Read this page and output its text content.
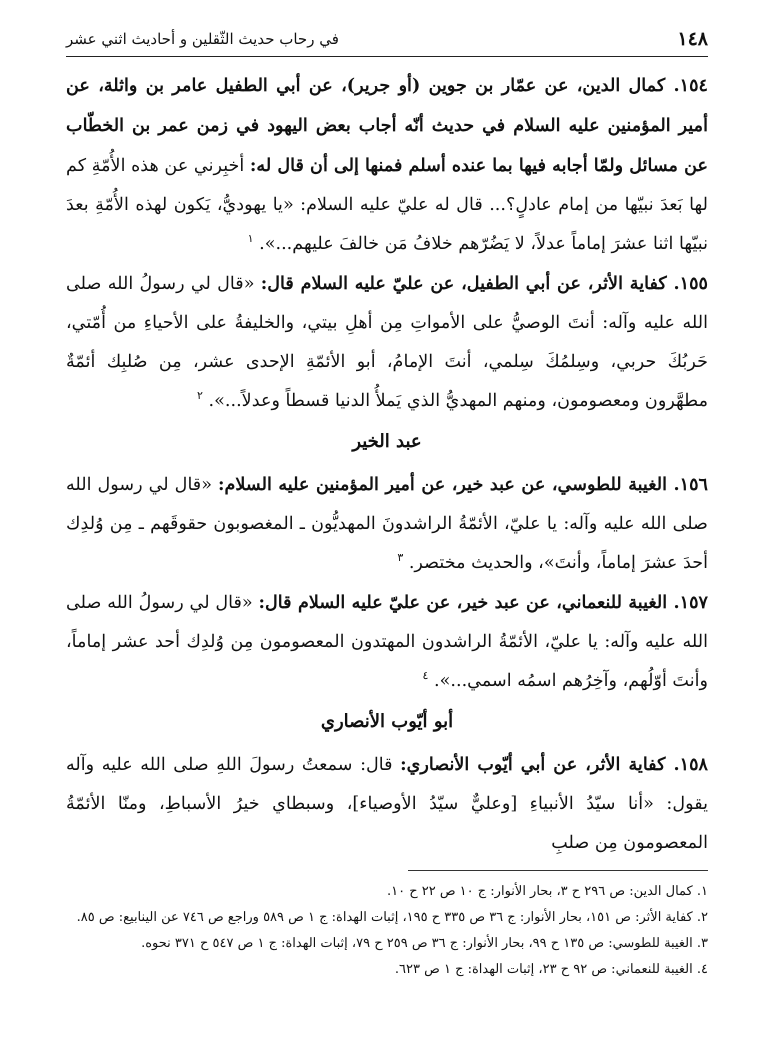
١٤٨
في رحاب حديث الثّقلين و أحاديث اثني عشر

١٥٤. كمال الدين، عن عمّار بن جوين (أو جرير)، عن أبي الطفيل عامر بن واثلة، عن أمير المؤمنين عليه السلام في حديث أنّه أجاب بعض اليهود في زمن عمر بن الخطّاب عن مسائل ولمّا أجابه فيها بما عنده أسلم فمنها إلى أن قال له: أخبِرني عن هذه الأُمّةِ كم لها بَعدَ نبيّها من إمام عادلٍ؟... قال له عليّ عليه السلام: «يا يهوديُّ، يَكون لهذه الأُمّةِ بعدَ نبيّها اثنا عشرَ إماماً عدلاً، لا يَضُرّهم خلافُ مَن خالفَ عليهم...». $^١$

١٥٥. كفاية الأثر، عن أبي الطفيل، عن عليّ عليه السلام قال: «قال لي رسولُ الله صلى الله عليه وآله: أنتَ الوصيُّ على الأمواتِ مِن أهلِ بيتي، والخليفةُ على الأحياءِ من أُمّتي، حَربُكَ حربي، وسِلمُكَ سِلمي، أنتَ الإمامُ، أبو الأئمّةِ الإحدى عشر، مِن صُلبِك أئمّةٌ مطهَّرون ومعصومون، ومنهم المهديُّ الذي يَملأُ الدنيا قسطاً وعدلاً...». $^٢$

عبد الخير

١٥٦. الغيبة للطوسي، عن عبد خير، عن أمير المؤمنين عليه السلام: «قال لي رسول الله صلى الله عليه وآله: يا عليّ، الأئمّةُ الراشدونَ المهديُّون ـ المغصوبون حقوقَهم ـ مِن وُلدِك أحدَ عشرَ إماماً، وأنتَ»، والحديث مختصر. $^٣$

١٥٧. الغيبة للنعماني، عن عبد خير، عن عليّ عليه السلام قال: «قال لي رسولُ الله صلى الله عليه وآله: يا عليّ، الأئمّةُ الراشدون المهتدون المعصومون مِن وُلدِك أحد عشر إماماً، وأنتَ أوّلُهم، وآخِرُهم اسمُه اسمي...». $^٤$

أبو أيّوب الأنصاري

١٥٨. كفاية الأثر، عن أبي أيّوب الأنصاري: قال: سمعتُ رسولَ اللهِ صلى الله عليه وآله يقول: «أنا سيّدُ الأنبياءِ [وعليٌّ سيّدُ الأوصياء]، وسبطاي خيرُ الأسباطِ، ومنّا الأئمّةُ المعصومون مِن صلبِ

١. كمال الدين: ص ٢٩٦ ح ٣، بحار الأنوار: ج ١٠ ص ٢٢ ح ١٠.

٢. كفاية الأثر: ص ١٥١، بحار الأنوار: ج ٣٦ ص ٣٣٥ ح ١٩٥، إثبات الهداة: ج ١ ص ٥٨٩ وراجع ص ٧٤٦ عن الينابيع: ص ٨٥.

٣. الغيبة للطوسي: ص ١٣٥ ح ٩٩، بحار الأنوار: ج ٣٦ ص ٢٥٩ ح ٧٩، إثبات الهداة: ج ١ ص ٥٤٧ ح ٣٧١ نحوه.

٤. الغيبة للنعماني: ص ٩٢ ح ٢٣، إثبات الهداة: ج ١ ص ٦٢٣.
